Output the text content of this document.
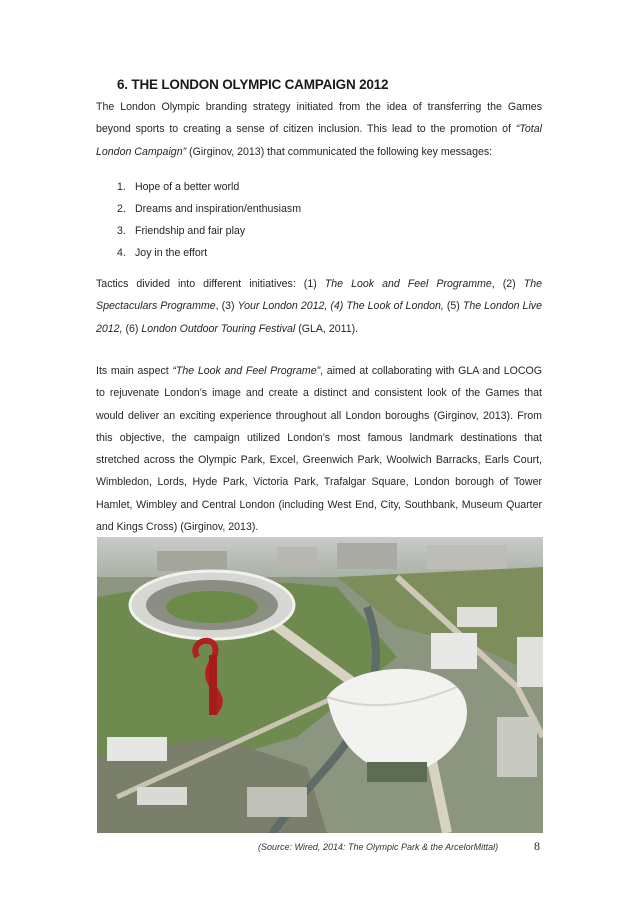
6. THE LONDON OLYMPIC CAMPAIGN 2012

The London Olympic branding strategy initiated from the idea of transferring the Games beyond sports to creating a sense of citizen inclusion. This lead to the promotion of “Total London Campaign” (Girginov, 2013) that communicated the following key messages:

1. Hope of a better world
2. Dreams and inspiration/enthusiasm
3. Friendship and fair play
4. Joy in the effort

Tactics divided into different initiatives: (1) The Look and Feel Programme, (2) The Spectaculars Programme, (3) Your London 2012, (4) The Look of London, (5) The London Live 2012, (6) London Outdoor Touring Festival (GLA, 2011).

Its main aspect “The Look and Feel Programe”, aimed at collaborating with GLA and LOCOG to rejuvenate London’s image and create a distinct and consistent look of the Games that would deliver an exciting experience throughout all London boroughs (Girginov, 2013). From this objective, the campaign utilized London’s most famous landmark destinations that stretched across the Olympic Park, Excel, Greenwich Park, Woolwich Barracks, Earls Court, Wimbledon, Lords, Hyde Park, Victoria Park, Trafalgar Square, London borough of Tower Hamlet, Wimbley and Central London (including West End, City, Southbank, Museum Quarter and Kings Cross) (Girginov, 2013).

(Source: Wired, 2014: The Olympic Park & the ArcelorMittal)	8
